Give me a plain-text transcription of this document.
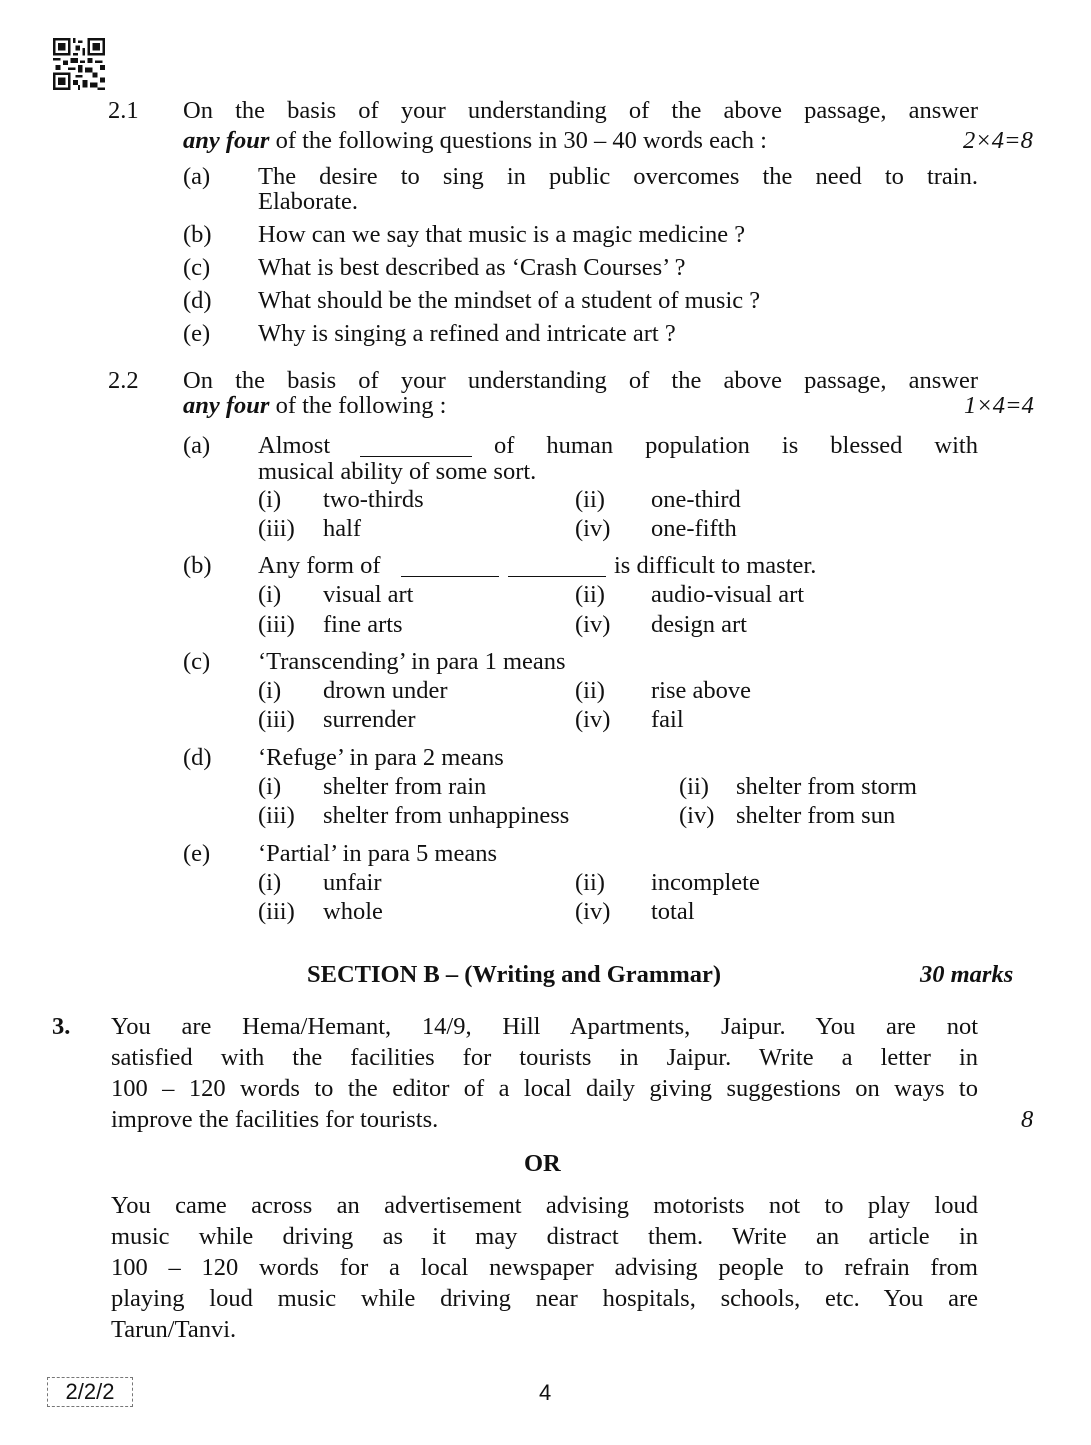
2.1 On the basis of your understanding of the above passage, answer
any four of the following questions in 30 – 40 words each :	2×4=8
(a) The desire to sing in public overcomes the need to train.
Elaborate.
(b) How can we say that music is a magic medicine ?
(c) What is best described as ‘Crash Courses’ ?
(d) What should be the mindset of a student of music ?
(e) Why is singing a refined and intricate art ?
2.2 On the basis of your understanding of the above passage, answer
any four of the following :	1×4=4
(a) Almost	of human population is blessed with
musical ability of some sort.
(i) two-thirds	(ii) one-third
(iii) half	(iv) one-fifth
(b) Any form of	is difficult to master.
(i) visual art	(ii) audio-visual art
(iii) fine arts	(iv) design art
(c) ‘Transcending’ in para 1 means
(i) drown under	(ii) rise above
(iii) surrender	(iv) fail
(d) ‘Refuge’ in para 2 means
(i) shelter from rain	(ii) shelter from storm
(iii) shelter from unhappiness	(iv) shelter from sun
(e) ‘Partial’ in para 5 means
(i) unfair	(ii) incomplete
(iii) whole	(iv) total
SECTION B – (Writing and Grammar)	30 marks
3. You are Hema/Hemant, 14/9, Hill Apartments, Jaipur. You are not
satisfied with the facilities for tourists in Jaipur. Write a letter in
100 – 120 words to the editor of a local daily giving suggestions on ways to
improve the facilities for tourists.	8
OR
You came across an advertisement advising motorists not to play loud
music while driving as it may distract them. Write an article in
100 – 120 words for a local newspaper advising people to refrain from
playing loud music while driving near hospitals, schools, etc. You are
Tarun/Tanvi.
2/2/2	4
